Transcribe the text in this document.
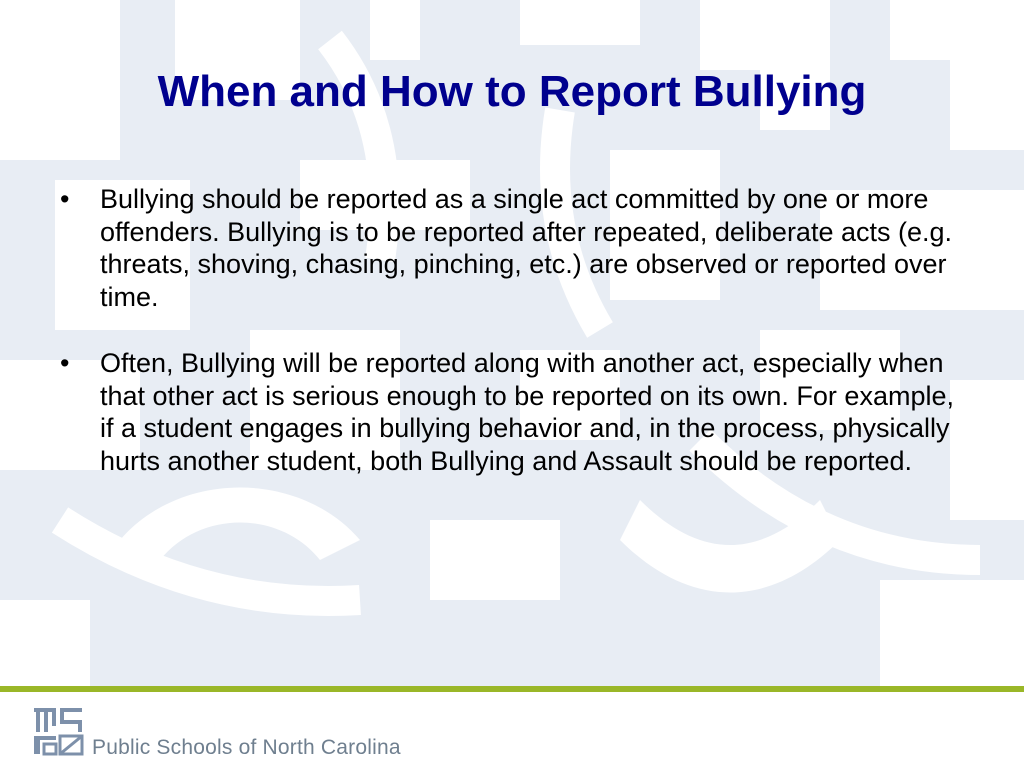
When and How to Report Bullying
• Bullying should be reported as a single act committed by one or more offenders. Bullying is to be reported after repeated, deliberate acts (e.g. threats, shoving, chasing, pinching, etc.) are observed or reported over time.
• Often, Bullying will be reported along with another act, especially when that other act is serious enough to be reported on its own. For example, if a student engages in bullying behavior and, in the process, physically hurts another student, both Bullying and Assault should be reported.
Public Schools of North Carolina
